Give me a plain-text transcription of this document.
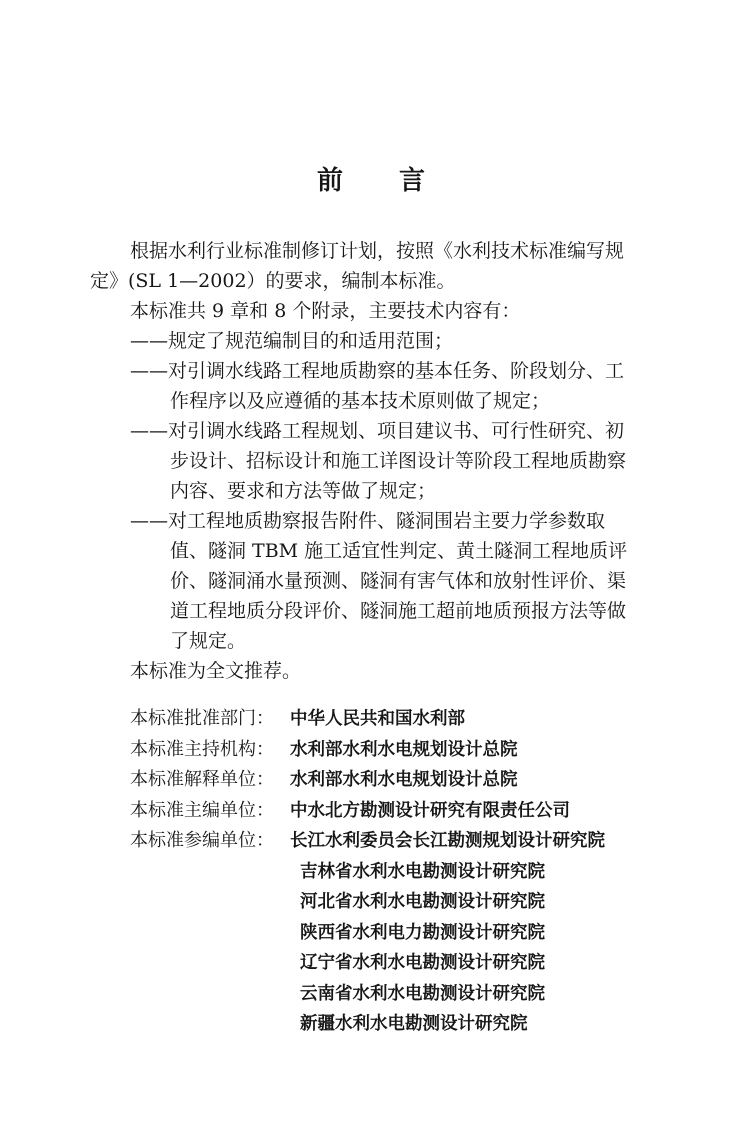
前 言
根据水利行业标准制修订计划，按照《水利技术标准编写规
定》(SL 1—2002）的要求，编制本标准。
本标准共 9 章和 8 个附录，主要技术内容有：
——规定了规范编制目的和适用范围；
——对引调水线路工程地质勘察的基本任务、阶段划分、工
作程序以及应遵循的基本技术原则做了规定；
——对引调水线路工程规划、项目建议书、可行性研究、初
步设计、招标设计和施工详图设计等阶段工程地质勘察
内容、要求和方法等做了规定；
——对工程地质勘察报告附件、隧洞围岩主要力学参数取
值、隧洞 TBM 施工适宜性判定、黄土隧洞工程地质评
价、隧洞涌水量预测、隧洞有害气体和放射性评价、渠
道工程地质分段评价、隧洞施工超前地质预报方法等做
了规定。
本标准为全文推荐。
本标准批准部门： 中华人民共和国水利部
本标准主持机构： 水利部水利水电规划设计总院
本标准解释单位： 水利部水利水电规划设计总院
本标准主编单位： 中水北方勘测设计研究有限责任公司
本标准参编单位： 长江水利委员会长江勘测规划设计研究院
吉林省水利水电勘测设计研究院
河北省水利水电勘测设计研究院
陕西省水利电力勘测设计研究院
辽宁省水利水电勘测设计研究院
云南省水利水电勘测设计研究院
新疆水利水电勘测设计研究院
